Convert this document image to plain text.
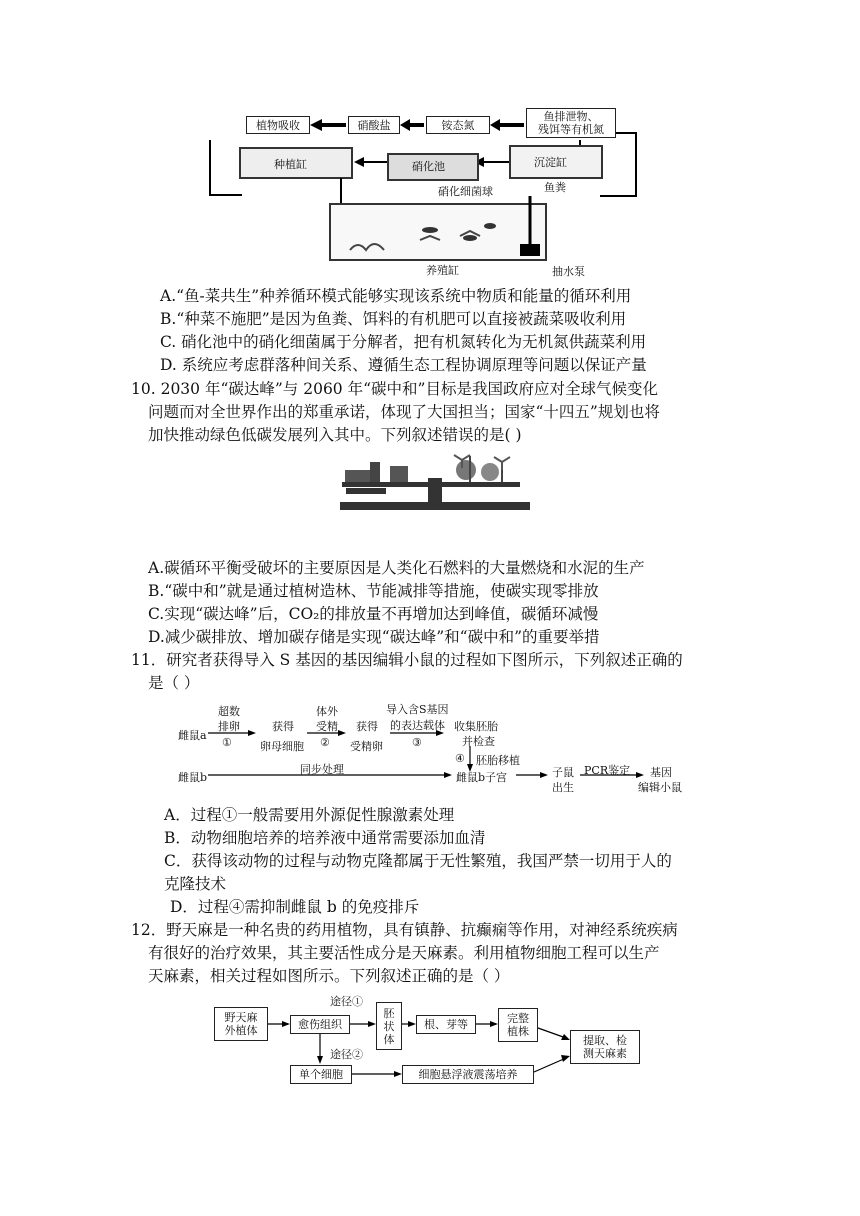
植物吸收	硝酸盐	铵态氮
鱼排泄物、
残饵等有机氮
种植缸	硝化池
硝化细菌球
沉淀缸
鱼粪
养殖缸	抽水泵
A.“鱼-菜共生”种养循环模式能够实现该系统中物质和能量的循环利用
B.“种菜不施肥”是因为鱼粪、饵料的有机肥可以直接被蔬菜吸收利用
C. 硝化池中的硝化细菌属于分解者，把有机氮转化为无机氮供蔬菜利用
D. 系统应考虑群落种间关系、遵循生态工程协调原理等问题以保证产量
10. 2030 年“碳达峰”与 2060 年“碳中和”目标是我国政府应对全球气候变化
问题而对全世界作出的郑重承诺，体现了大国担当；国家“十四五”规划也将
加快推动绿色低碳发展列入其中。下列叙述错误的是( )
A.碳循环平衡受破坏的主要原因是人类化石燃料的大量燃烧和水泥的生产
B.“碳中和”就是通过植树造林、节能减排等措施，使碳实现零排放
C.实现“碳达峰”后，CO₂的排放量不再增加达到峰值，碳循环减慢
D.减少碳排放、增加碳存储是实现“碳达峰”和“碳中和”的重要举措
11．研究者获得导入 S 基因的基因编辑小鼠的过程如下图所示，下列叙述正确的
是（ ）
雌鼠a
超数
排卵
①
获得
卵母细胞
体外
受精
②
获得
受精卵
导入含S基因
的表达载体
③
收集胚胎
并检查
④ 胚胎移植
雌鼠b
同步处理
雌鼠b子宫	子鼠
出生
PCR鉴定 基因
编辑小鼠
A．过程①一般需要用外源促性腺激素处理
B．动物细胞培养的培养液中通常需要添加血清
C．获得该动物的过程与动物克隆都属于无性繁殖，我国严禁一切用于人的
克隆技术
D．过程④需抑制雌鼠 b 的免疫排斥
12．野天麻是一种名贵的药用植物，具有镇静、抗癫痫等作用，对神经系统疾病
有很好的治疗效果，其主要活性成分是天麻素。利用植物细胞工程可以生产
天麻素，相关过程如图所示。下列叙述正确的是（ ）
野天麻
外植体	愈伤组织
途径①
胚
状
体
根、芽等	完整
植株
提取、检
测天麻素
途径②
单个细胞	细胞悬浮液震荡培养
